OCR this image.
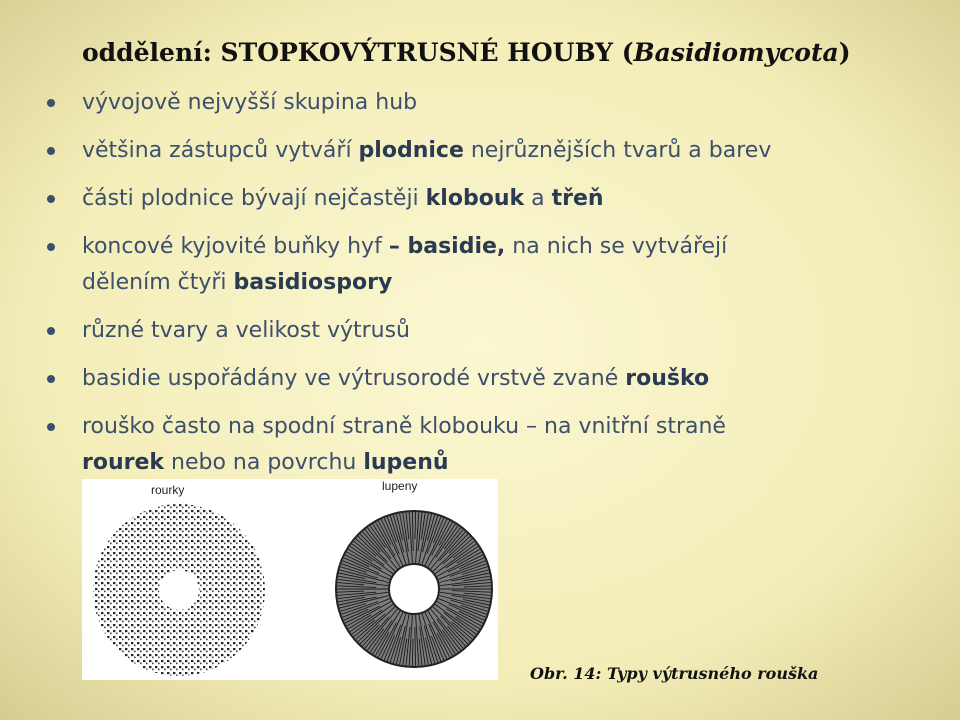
oddělení: STOPKOVÝTRUSNÉ HOUBY (Basidiomycota)
vývojově nejvyšší skupina hub
většina zástupců vytváří plodnice nejrůznějších tvarů a barev
části plodnice bývají nejčastěji klobouk a třeň
koncové kyjovité buňky hyf – basidie, na nich se vytvářejí
dělením čtyři basidiospory
různé tvary a velikost výtrusů
basidie uspořádány ve výtrusorodé vrstvě zvané rouško
rouško často na spodní straně klobouku – na vnitřní straně
rourek nebo na povrchu lupenů
rourky	lupeny
Obr. 14: Typy výtrusného rouška
